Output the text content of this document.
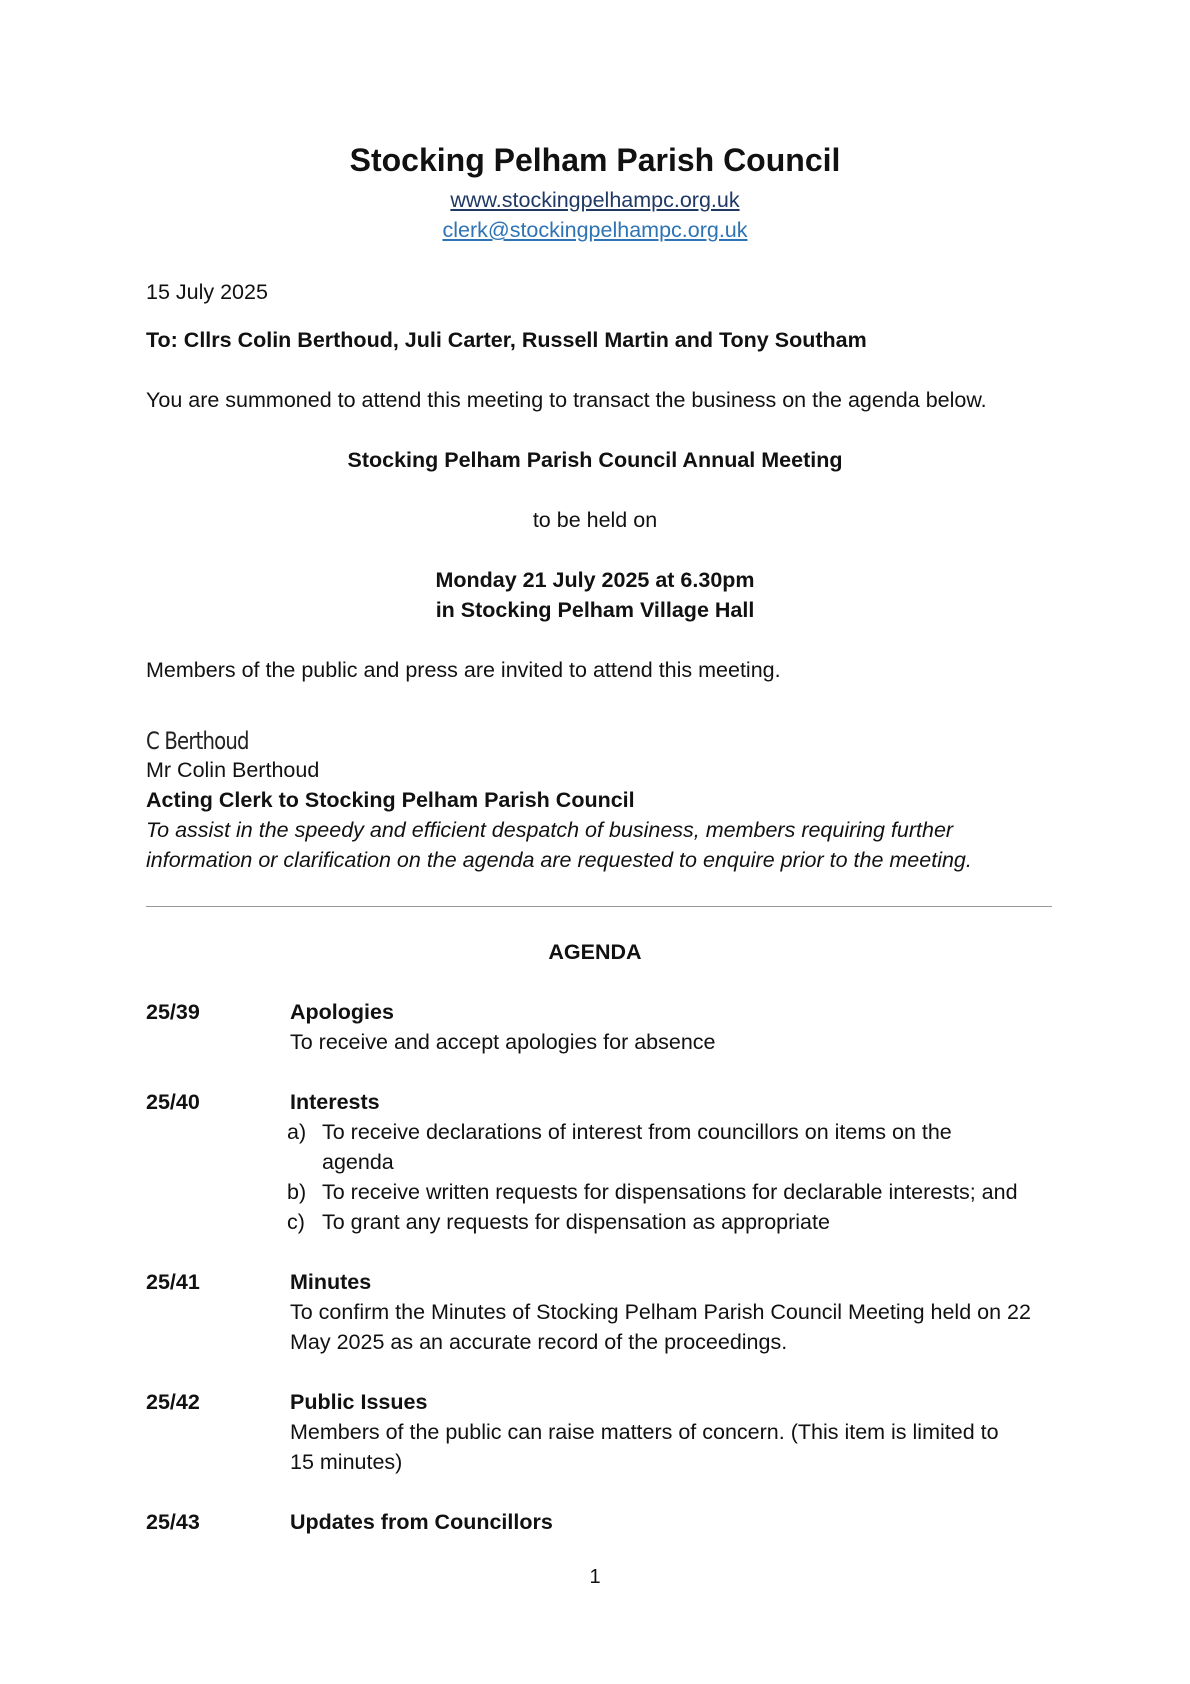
Stocking Pelham Parish Council
www.stockingpelhampc.org.uk
clerk@stockingpelhampc.org.uk

15 July 2025

To: Cllrs Colin Berthoud, Juli Carter, Russell Martin and Tony Southam

You are summoned to attend this meeting to transact the business on the agenda below.

Stocking Pelham Parish Council Annual Meeting

to be held on

Monday 21 July 2025 at 6.30pm

in Stocking Pelham Village Hall

Members of the public and press are invited to attend this meeting.

C Berthoud

Mr Colin Berthoud

Acting Clerk to Stocking Pelham Parish Council

To assist in the speedy and efficient despatch of business, members requiring further

information or clarification on the agenda are requested to enquire prior to the meeting.

AGENDA

25/39	Apologies

To receive and accept apologies for absence

25/40	Interests

a) To receive declarations of interest from councillors on items on the

agenda

b) To receive written requests for dispensations for declarable interests; and

c) To grant any requests for dispensation as appropriate

25/41	Minutes

To confirm the Minutes of Stocking Pelham Parish Council Meeting held on 22

May 2025 as an accurate record of the proceedings.

25/42	Public Issues

Members of the public can raise matters of concern. (This item is limited to

15 minutes)

25/43	Updates from Councillors

1
